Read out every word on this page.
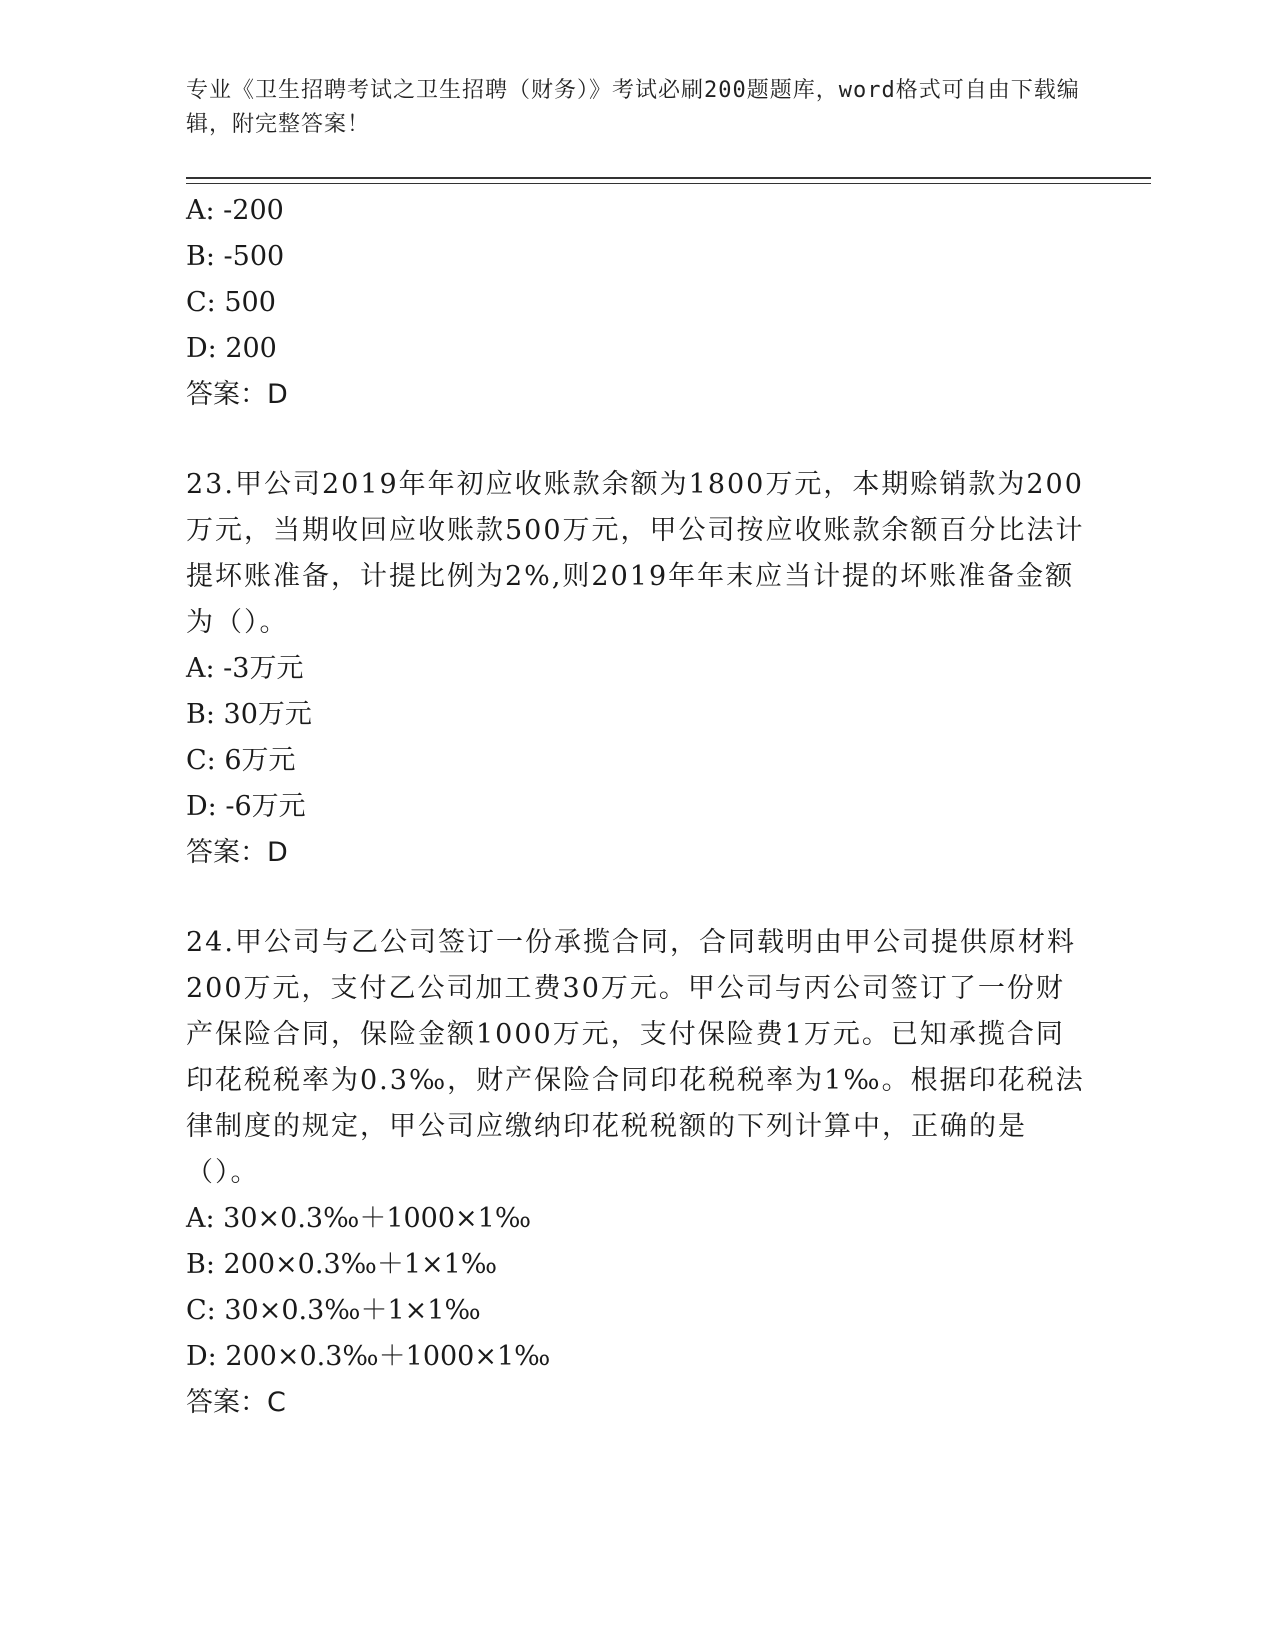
专业《卫生招聘考试之卫生招聘（财务）》考试必刷200题题库，word格式可自由下载编辑，附完整答案！
A: -200
B: -500
C: 500
D: 200
答案：D
23.甲公司2019年年初应收账款余额为1800万元，本期赊销款为200万元，当期收回应收账款500万元，甲公司按应收账款余额百分比法计提坏账准备，计提比例为2%,则2019年年末应当计提的坏账准备金额为（）。
A: -3万元
B: 30万元
C: 6万元
D: -6万元
答案：D
24.甲公司与乙公司签订一份承揽合同，合同载明由甲公司提供原材料200万元，支付乙公司加工费30万元。甲公司与丙公司签订了一份财产保险合同，保险金额1000万元，支付保险费1万元。已知承揽合同印花税税率为0.3‰，财产保险合同印花税税率为1‰。根据印花税法律制度的规定，甲公司应缴纳印花税税额的下列计算中，正确的是（）。
A: 30×0.3‰＋1000×1‰
B: 200×0.3‰＋1×1‰
C: 30×0.3‰＋1×1‰
D: 200×0.3‰＋1000×1‰
答案：C
